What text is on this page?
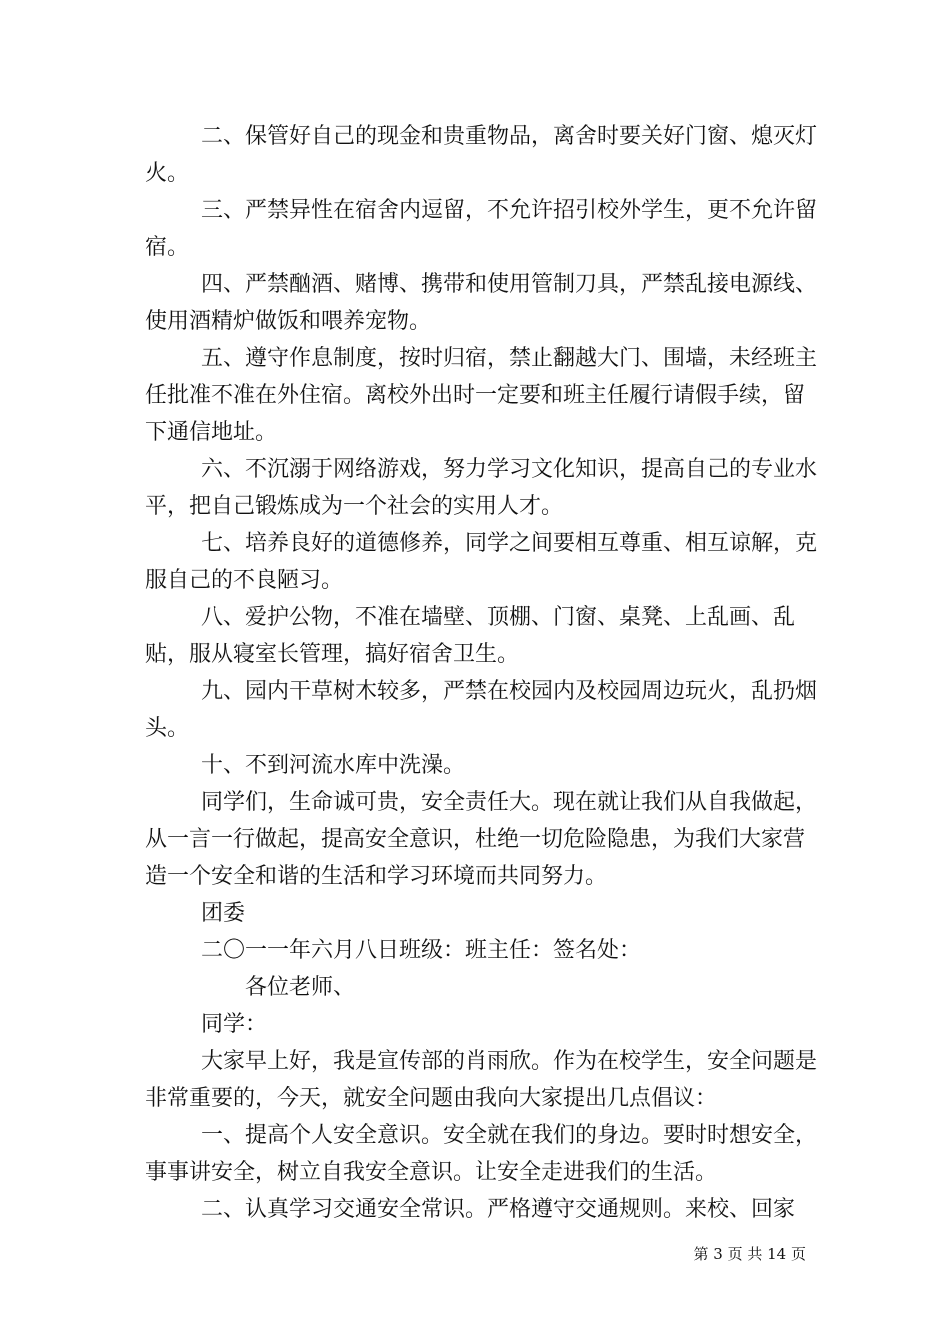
二、保管好自己的现金和贵重物品，离舍时要关好门窗、熄灭灯火。

三、严禁异性在宿舍内逗留，不允许招引校外学生，更不允许留宿。

四、严禁酗酒、赌博、携带和使用管制刀具，严禁乱接电源线、使用酒精炉做饭和喂养宠物。

五、遵守作息制度，按时归宿，禁止翻越大门、围墙，未经班主任批准不准在外住宿。离校外出时一定要和班主任履行请假手续，留下通信地址。

六、不沉溺于网络游戏，努力学习文化知识，提高自己的专业水平，把自己锻炼成为一个社会的实用人才。

七、培养良好的道德修养，同学之间要相互尊重、相互谅解，克服自己的不良陋习。

八、爱护公物，不准在墙壁、顶棚、门窗、桌凳、上乱画、乱贴，服从寝室长管理，搞好宿舍卫生。

九、园内干草树木较多，严禁在校园内及校园周边玩火，乱扔烟头。

十、不到河流水库中洗澡。

同学们，生命诚可贵，安全责任大。现在就让我们从自我做起，从一言一行做起，提高安全意识，杜绝一切危险隐患，为我们大家营造一个安全和谐的生活和学习环境而共同努力。

团委

二〇一一年六月八日班级：班主任：签名处：

各位老师、

同学：

大家早上好，我是宣传部的肖雨欣。作为在校学生，安全问题是非常重要的，今天，就安全问题由我向大家提出几点倡议：

一、提高个人安全意识。安全就在我们的身边。要时时想安全，事事讲安全，树立自我安全意识。让安全走进我们的生活。

二、认真学习交通安全常识。严格遵守交通规则。来校、回家

第 3 页 共 14 页
